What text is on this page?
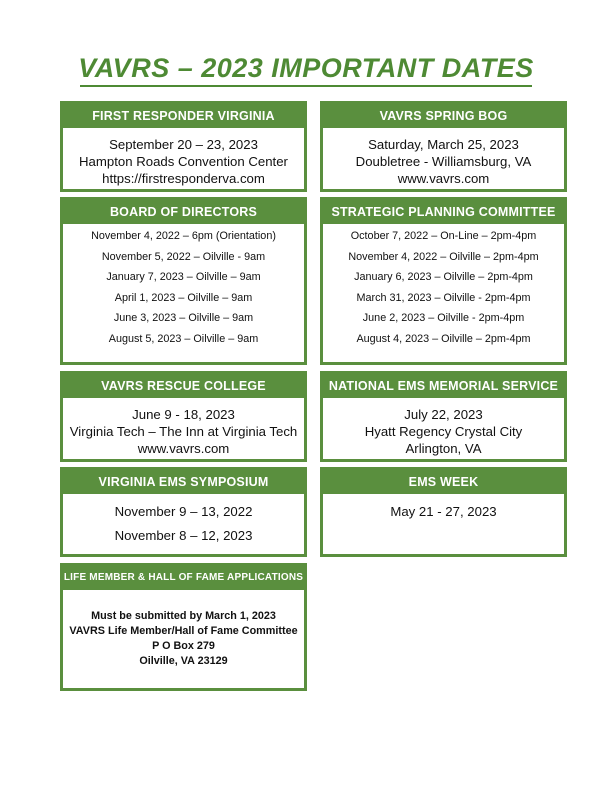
VAVRS – 2023 IMPORTANT DATES
FIRST RESPONDER VIRGINIA
September 20 – 23, 2023
Hampton Roads Convention Center
https://firstresponderva.com
VAVRS SPRING BOG
Saturday, March 25, 2023
Doubletree - Williamsburg, VA
www.vavrs.com
BOARD OF DIRECTORS
November 4, 2022 – 6pm (Orientation)
November 5, 2022 – Oilville - 9am
January 7, 2023 – Oilville – 9am
April 1, 2023 – Oilville – 9am
June 3, 2023 – Oilville – 9am
August 5, 2023 – Oilville – 9am
STRATEGIC PLANNING COMMITTEE
October 7, 2022 – On-Line – 2pm-4pm
November 4, 2022 – Oilville – 2pm-4pm
January 6, 2023 – Oilville – 2pm-4pm
March 31, 2023 – Oilville - 2pm-4pm
June 2, 2023 – Oilville - 2pm-4pm
August 4, 2023 – Oilville – 2pm-4pm
VAVRS RESCUE COLLEGE
June 9 - 18, 2023
Virginia Tech – The Inn at Virginia Tech
www.vavrs.com
NATIONAL EMS MEMORIAL SERVICE
July 22, 2023
Hyatt Regency Crystal City
Arlington, VA
VIRGINIA EMS SYMPOSIUM
November 9 – 13, 2022
November 8 – 12, 2023
EMS WEEK
May 21 - 27, 2023
LIFE MEMBER & HALL OF FAME APPLICATIONS
Must be submitted by March 1, 2023
VAVRS Life Member/Hall of Fame Committee
P O Box 279
Oilville, VA 23129
